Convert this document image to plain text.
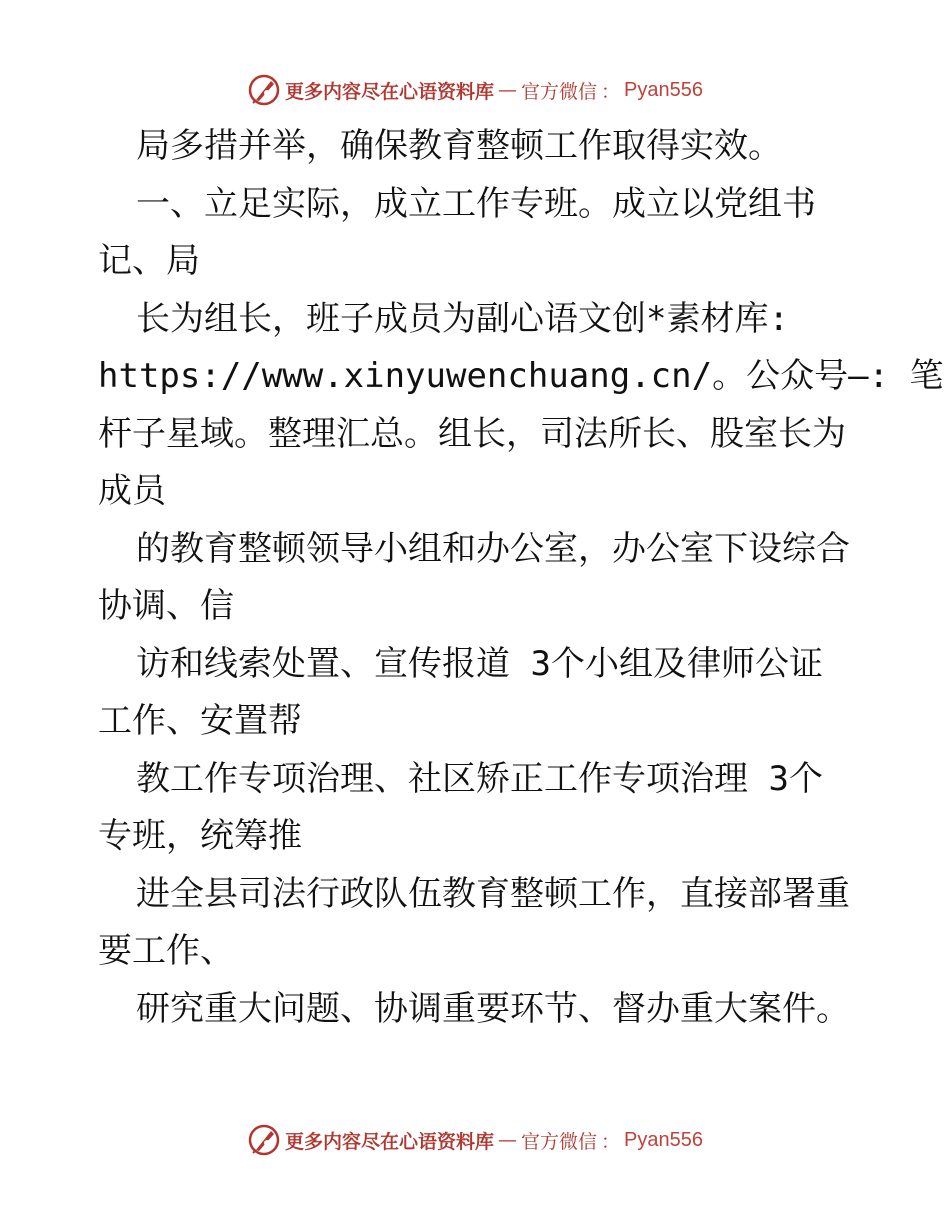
更多内容尽在心语资料库 — 官方微信 ： Pyan556
局多措并举，确保教育整顿工作取得实效。
一、立足实际，成立工作专班。成立以党组书
记、局
长为组长，班子成员为副心语文创*素材库:
https://www.xinyuwenchuang.cn/。公众号—: 笔
杆子星域。整理汇总。组长，司法所长、股室长为
成员
的教育整顿领导小组和办公室，办公室下设综合
协调、信
访和线索处置、宣传报道 3个小组及律师公证
工作、安置帮
教工作专项治理、社区矫正工作专项治理 3个
专班，统筹推
进全县司法行政队伍教育整顿工作，直接部署重
要工作、
研究重大问题、协调重要环节、督办重大案件。
更多内容尽在心语资料库 — 官方微信 ： Pyan556
